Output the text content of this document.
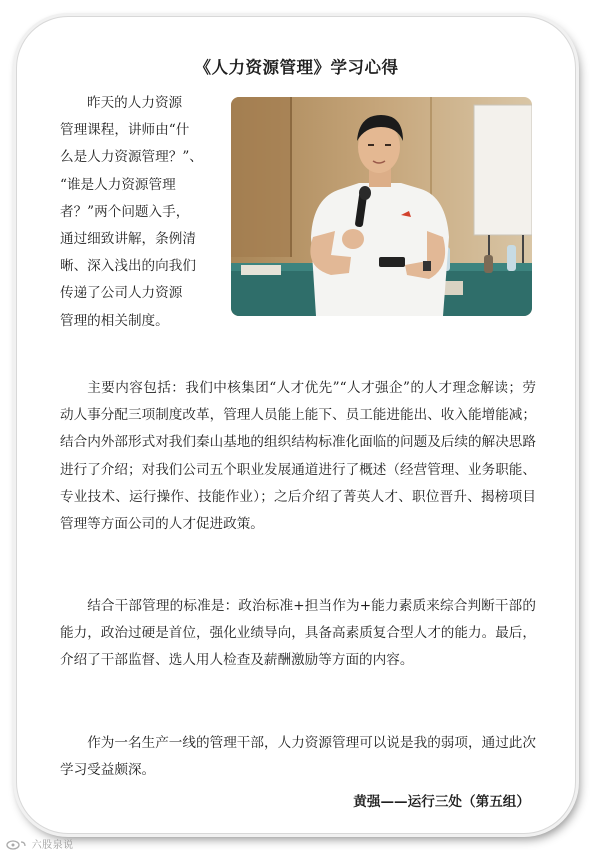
《人力资源管理》学习心得
昨天的人力资源
管理课程，讲师由“什
么是人力资源管理？”、
“谁是人力资源管理
者？”两个问题入手，
通过细致讲解，条例清
晰、深入浅出的向我们
传递了公司人力资源
管理的相关制度。

主要内容包括：我们中核集团“人才优先”“人才强企”的人才理念解读；劳动人事分配三项制度改革，管理人员能上能下、员工能进能出、收入能增能减；结合内外部形式对我们秦山基地的组织结构标准化面临的问题及后续的解决思路进行了介绍；对我们公司五个职业发展通道进行了概述（经营管理、业务职能、专业技术、运行操作、技能作业）；之后介绍了菁英人才、职位晋升、揭榜项目管理等方面公司的人才促进政策。

结合干部管理的标准是：政治标准+担当作为+能力素质来综合判断干部的能力，政治过硬是首位，强化业绩导向，具备高素质复合型人才的能力。最后，介绍了干部监督、选人用人检查及薪酬激励等方面的内容。

作为一名生产一线的管理干部，人力资源管理可以说是我的弱项，通过此次学习受益颇深。

黄强——运行三处（第五组）
六股泉说
